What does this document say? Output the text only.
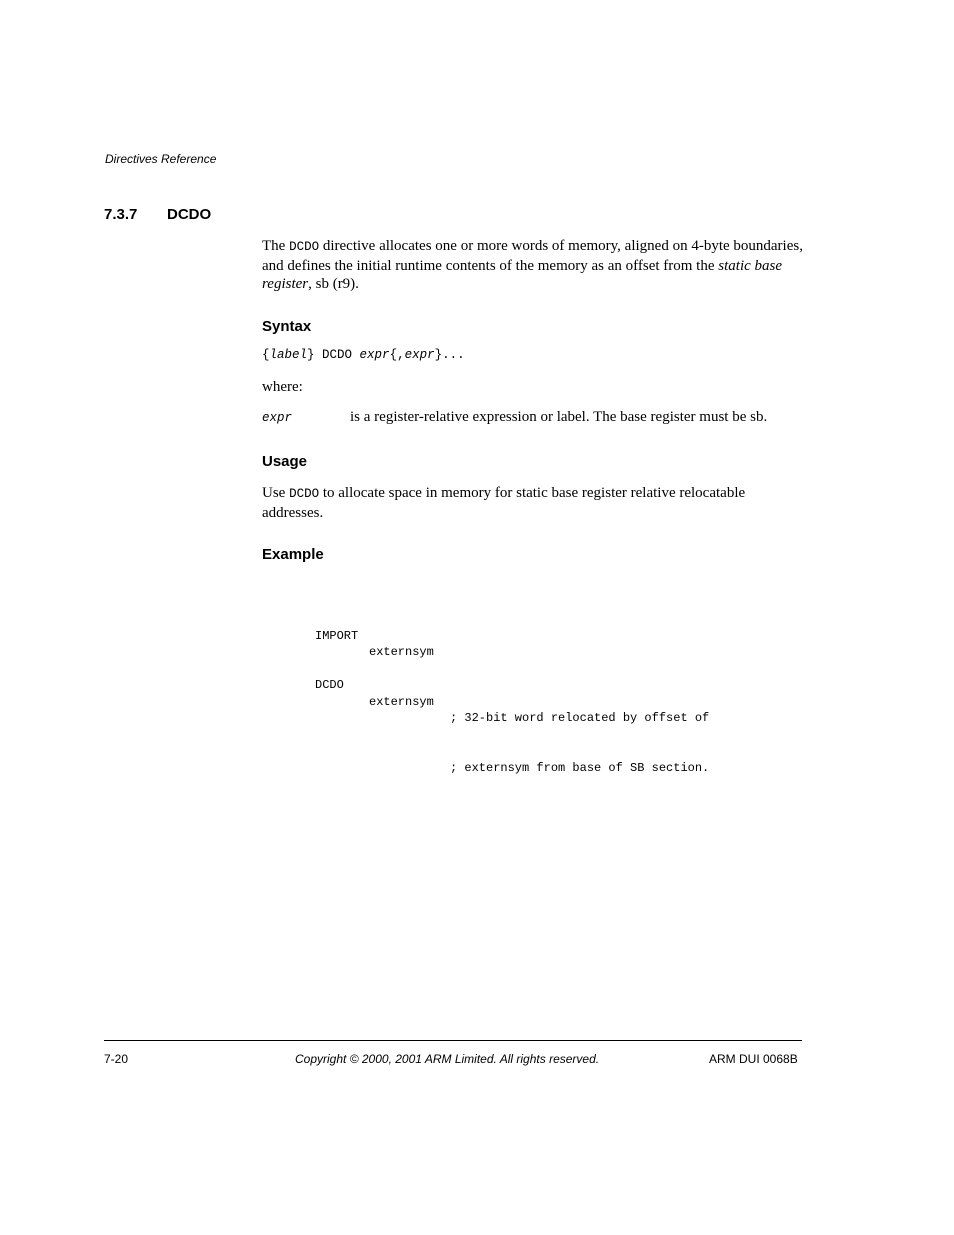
Directives Reference
7.3.7 DCDO
The DCDO directive allocates one or more words of memory, aligned on 4-byte boundaries, and defines the initial runtime contents of the memory as an offset from the static base register, sb (r9).
Syntax
{label} DCDO expr{,expr}...
where:
expr	is a register-relative expression or label. The base register must be sb.
Usage
Use DCDO to allocate space in memory for static base register relative relocatable addresses.
Example

IMPORT

externsym

DCDO

externsym

; 32-bit word relocated by offset of

; externsym from base of SB section.

7-20	Copyright © 2000, 2001 ARM Limited. All rights reserved.	ARM DUI 0068B
